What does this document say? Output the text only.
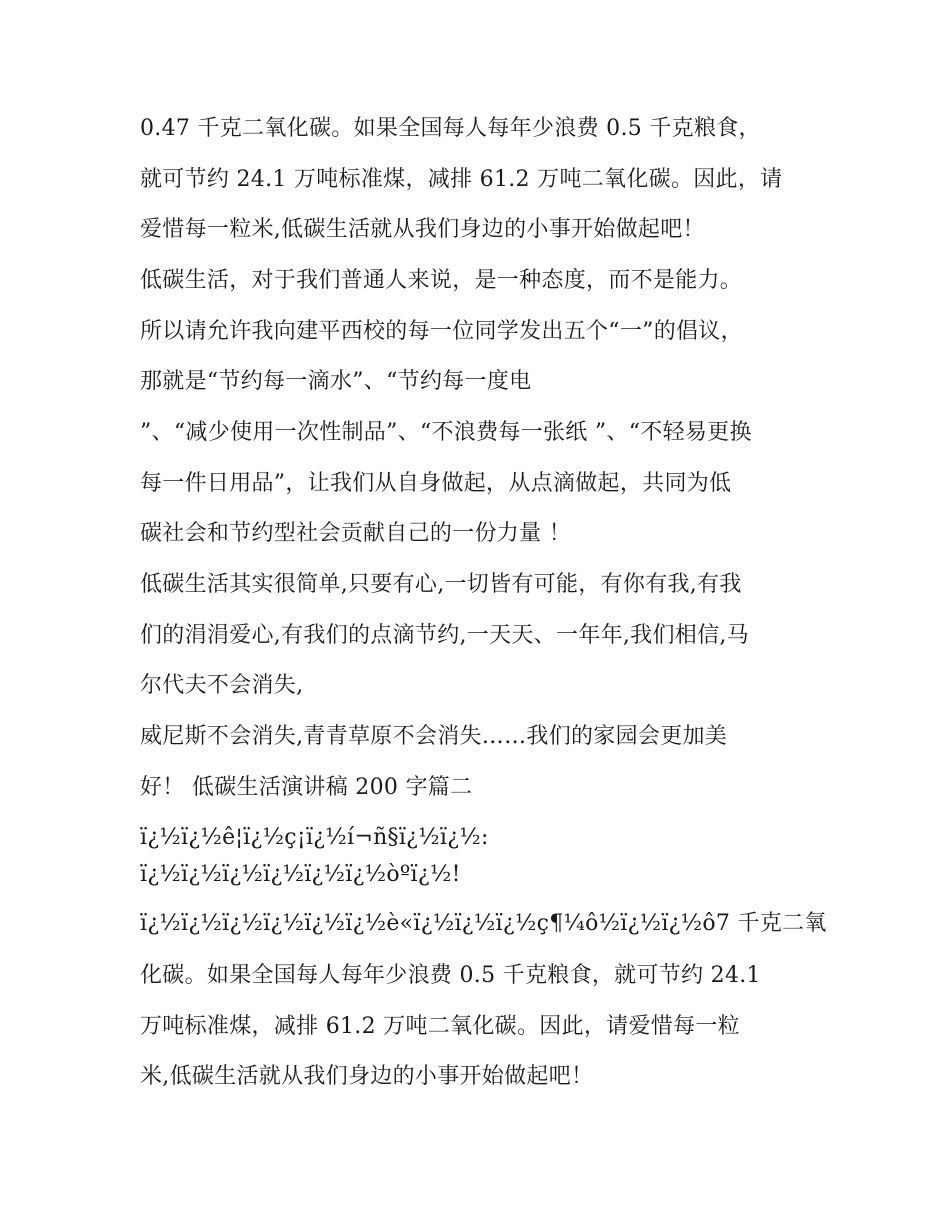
0.47 千克二氧化碳。如果全国每人每年少浪费 0.5 千克粮食，
就可节约 24.1 万吨标准煤，减排 61.2 万吨二氧化碳。因此，请
爱惜每一粒米,低碳生活就从我们身边的小事开始做起吧！
低碳生活，对于我们普通人来说，是一种态度，而不是能力。
所以请允许我向建平西校的每一位同学发出五个“一”的倡议，
那就是“节约每一滴水”、“节约每一度电
”、“减少使用一次性制品”、“不浪费每一张纸 ”、“不轻易更换
每一件日用品”，让我们从自身做起，从点滴做起，共同为低
碳社会和节约型社会贡献自己的一份力量 ！
低碳生活其实很简单,只要有心,一切皆有可能，有你有我,有我
们的涓涓爱心,有我们的点滴节约,一天天、一年年,我们相信,马
尔代夫不会消失,
威尼斯不会消失,青青草原不会消失……我们的家园会更加美
好！ 低碳生活演讲稿 200 字篇二
ï¿½ï¿½ê¦ï¿½ç¡ï¿½í¬ñ§ï¿½ï¿½:
ï¿½ï¿½ï¿½ï¿½ï¿½ï¿½òºï¿½!
ï¿½ï¿½ï¿½ï¿½ï¿½ï¿½è«ï¿½ï¿½ï¿½ç¶¼ô½ï¿½ï¿½ô7 千克二氧
化碳。如果全国每人每年少浪费 0.5 千克粮食，就可节约 24.1
万吨标准煤，减排 61.2 万吨二氧化碳。因此，请爱惜每一粒
米,低碳生活就从我们身边的小事开始做起吧！
